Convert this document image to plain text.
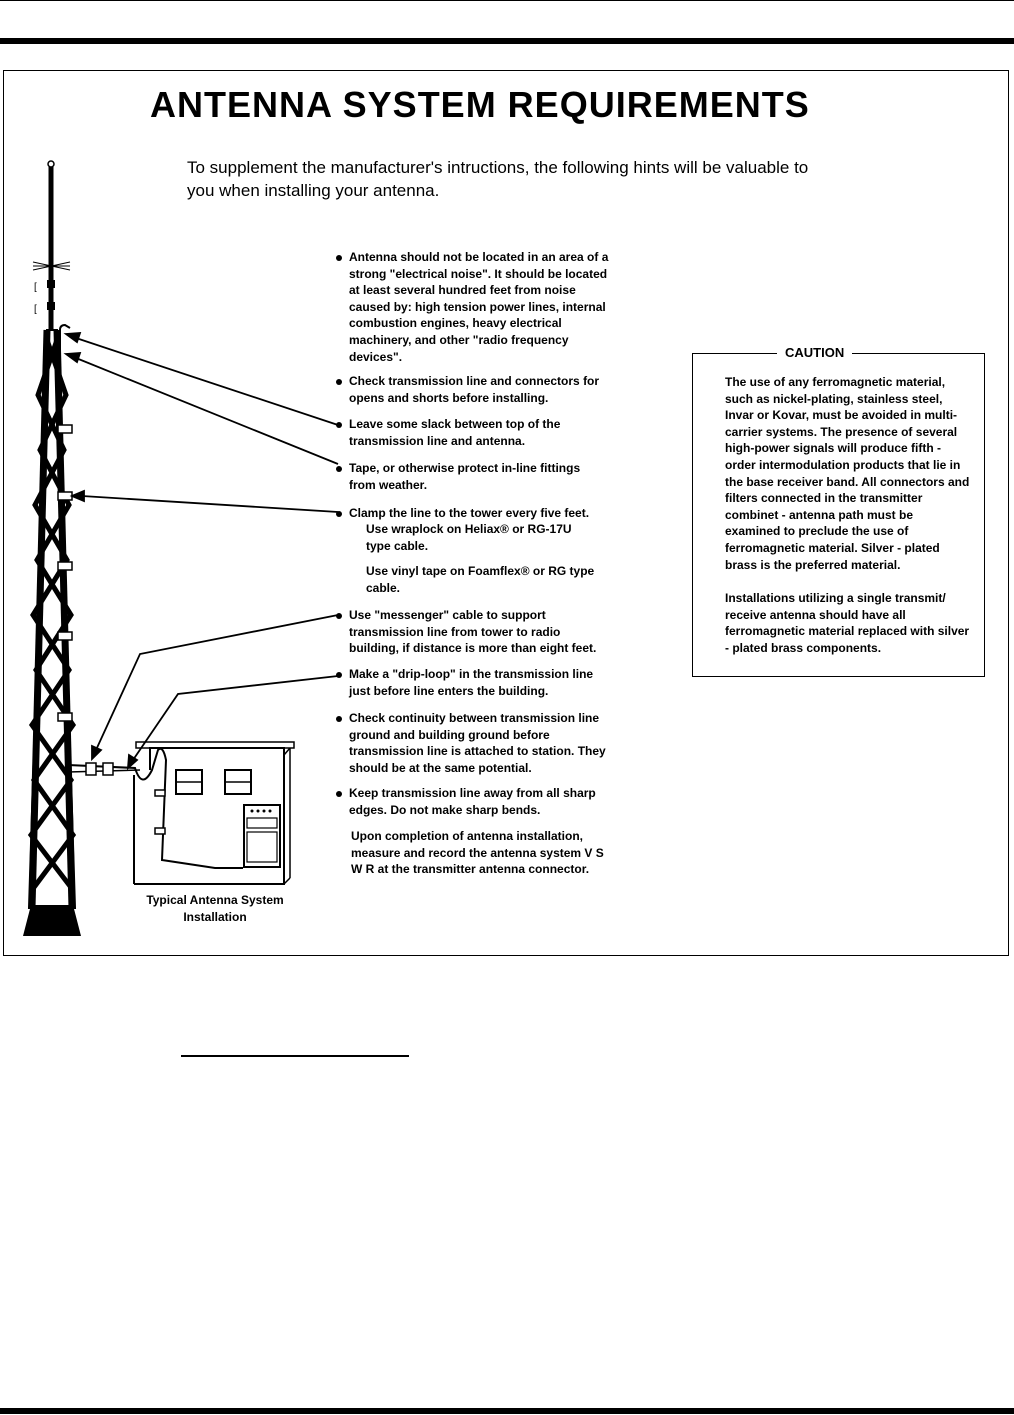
ANTENNA SYSTEM REQUIREMENTS
To supplement the manufacturer's intructions, the following hints will be valuable to you when installing your antenna.
[
[
Antenna should not be located in an area of a strong "electrical noise". It should be located at least several hundred feet from noise caused by: high tension power lines, internal combustion engines, heavy electrical machinery, and other "radio frequency devices".
Check transmission line and connectors for opens and shorts before installing.
Leave some slack between top of the transmission line and antenna.
Tape, or otherwise protect in-line fittings from weather.
Clamp the line to the tower every five feet.
Use wraplock on Heliax® or RG-17U type cable.
Use vinyl tape on Foamflex® or RG type cable.
Use "messenger" cable to support transmission line from tower to radio building, if distance is more than eight feet.
Make a "drip-loop" in the transmission line just before line enters the building.
Check continuity between transmission line ground and building ground before transmission line is attached to station. They should be at the same potential.
Keep transmission line away from all sharp edges. Do not make sharp bends.
Upon completion of antenna installation, measure and record the antenna system V S W R at the transmitter antenna connector.
CAUTION
The use of any ferromagnetic material, such as nickel-plating, stainless steel, Invar or Kovar, must be avoided in multi-carrier systems. The presence of several high-power signals will produce fifth - order intermodulation products that lie in the base receiver band. All connectors and filters connected in the transmitter combinet - antenna path must be examined to preclude the use of ferromagnetic material. Silver - plated brass is the preferred material.
Installations utilizing a single transmit/ receive antenna should have all ferromagnetic material replaced with silver - plated brass components.
Typical Antenna System Installation
